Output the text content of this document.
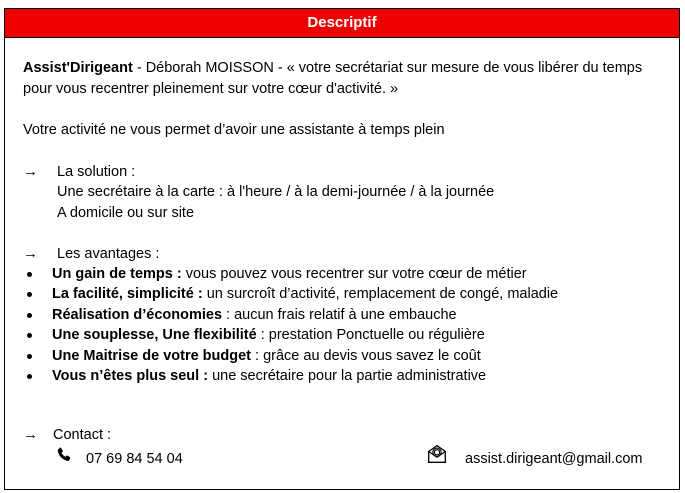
Descriptif
Assist'Dirigeant - Déborah MOISSON - « votre secrétariat sur mesure de vous libérer du temps
pour vous recentrer pleinement sur votre cœur d'activité. »
Votre activité ne vous permet d’avoir une assistante à temps plein
→ La solution :
Une secrétaire à la carte : à l'heure / à la demi-journée / à la journée
A domicile ou sur site
→ Les avantages :
Un gain de temps : vous pouvez vous recentrer sur votre cœur de métier
La facilité, simplicité : un surcroît d’activité, remplacement de congé, maladie
Réalisation d’économies : aucun frais relatif à une embauche
Une souplesse, Une flexibilité : prestation Ponctuelle ou régulière
Une Maitrise de votre budget : grâce au devis vous savez le coût
Vous n’êtes plus seul : une secrétaire pour la partie administrative
→ Contact :
07 69 84 54 04	assist.dirigeant@gmail.com
